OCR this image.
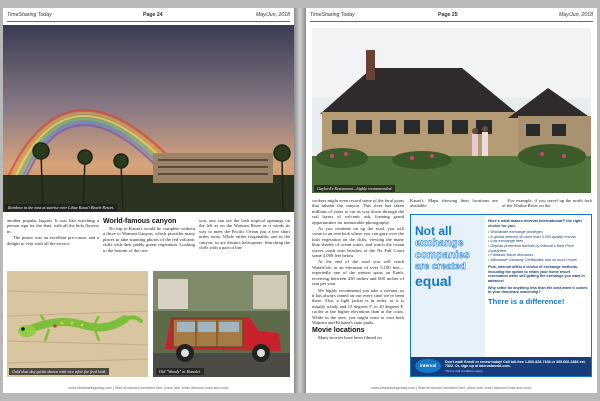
TimeSharing Today	Page 24	May/Jun, 2018
Rainbow in the east at sunrise over Lihue Kaua'i Beach Resort.

another popular lagoon. It was like watching a person sign for the duet, with all the hula flowers in.

The poster was an excellent pre-cursor and a delight to visit with all the service.

World-famous canyon

No trip to Kauai's would be complete without a drive to Waimea Canyon, which provides many places to take stunning photos of the red volcanic cliffs with their paddy green vegetation. Looking to the bottom of the can-

yon, one can see the lush tropical openings on the left as on the Waimea River as it winds its way to meet the Pacific Ocean just a few short miles away. While rather forgettable, one in the canyon, so are distinct helicopters. Searching the cliffs with a pair of bin-

Gold dust day gecko shown with vice after for feed look.	Old "Woody" at Hanalei.
www.timesharingtoday.com | Start at interact members free, place ads, enter discount links and more
TimeSharing Today	Page 25	May/Jun, 2018
Gaylord's Restaurant—highly recommended.

cookers might even record some of the feral goats that inhabit the canyon. This river has taken millions of years to cut its way down through the soil layers of volcanic ash, forming grand opportunities for memorable photography.

As you continue on up the road, you will come to an overlook where you can gaze over the lush vegetation on the cliffs, viewing the many blue shades of ocean water, and watch the ocean waves crash onto beaches of the Na Pali Coast some 4,000 feet below.

At the end of the road you will reach Waiale'ale, at an elevation of over 5,100 feet—reportedly one of the wettest spots on Earth, receiving between 450 inches and 600 inches of rain per year.

We highly recommend you take a sweater, as it has always rained on our every time we've been there. Also, a light jacket is in order, as it is usually windy and 15 degrees F. to 20 degrees F. cooler at the higher elevations than at the coast. While in the area, you might want to visit both Waimea and Kilauea's state parks.

Movie locations

Many movies have been filmed on

Kauai's. Maps showing their locations are available.

For example, if you travel up the north fork of the Wailua River on the

Not all
exchange
companies
are created
equal
Here's what makes Interval International® the right choice for you:
• Worldwide exchange privileges
• A global network of more than 3,000 quality resorts
• Low exchange fees
• Deposit protection backed by Interval's Best Price Guarantee
• Fantastic travel discounts
• Affordable Getaway Certificates and so much more!
Plus, Interval offers a choice of exchange methods, including the option to retain your home resort reservation while still getting the exchange you want in advance!
Why settle for anything less than the best when it comes to your timeshare ownership?
There is a difference!
interval
Don't wait! Enroll or renew today! Call toll-free 1-800-828-7168 or 305-666-1884 ext. 7522. Or, sign up at intervalworld.com.
*Terms and conditions apply.
www.timesharingtoday.com | Start at interact members free, place ads, enter discount links and more
